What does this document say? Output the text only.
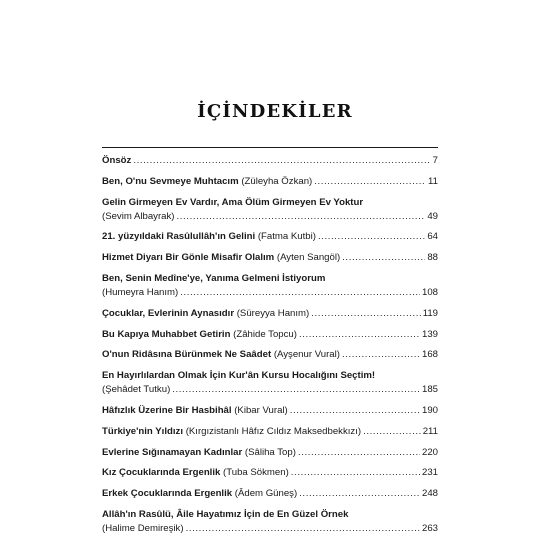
İÇİNDEKİLER
Önsöz .....	7
Ben, O'nu Sevmeye Muhtacım
(Züleyha Özkan) .....	11
Gelin Girmeyen Ev Vardır, Ama Ölüm Girmeyen Ev Yoktur
(Sevim Albayrak) .....	49
21. yüzyıldaki Rasûlullâh'ın Gelini
(Fatma Kutbi) .....	64
Hizmet Diyarı Bir Gönle Misafir Olalım
(Ayten Sangöl) .....	88
Ben, Senin Medîne'ye, Yanıma Gelmeni İstiyorum
(Humeyra Hanım) .....	108
Çocuklar, Evlerinin Aynasıdır
(Süreyya Hanım) .....	119
Bu Kapıya Muhabbet Getirin
(Zâhide Topcu) .....	139
O'nun Ridâsına Bürünmek Ne Saâdet
(Ayşenur Vural) .....	168
En Hayırlılardan Olmak İçin Kur'ân Kursu Hocalığını Seçtim!
(Şehâdet Tutku) .....	185
Hâfızlık Üzerine Bir Hasbihâl
(Kibar Vural) .....	190
Türkiye'nin Yıldızı
(Kırgızistanlı Hâfız Cıldız Maksedbekkızı) .....	211
Evlerine Sığınamayan Kadınlar
(Sâliha Top) .....	220
Kız Çocuklarında Ergenlik
(Tuba Sökmen) .....	231
Erkek Çocuklarında Ergenlik
(Âdem Güneş) .....	248
Allâh'ın Rasûlü, Âile Hayatımız İçin de En Güzel Örnek
(Halime Demireşik) .....	263
